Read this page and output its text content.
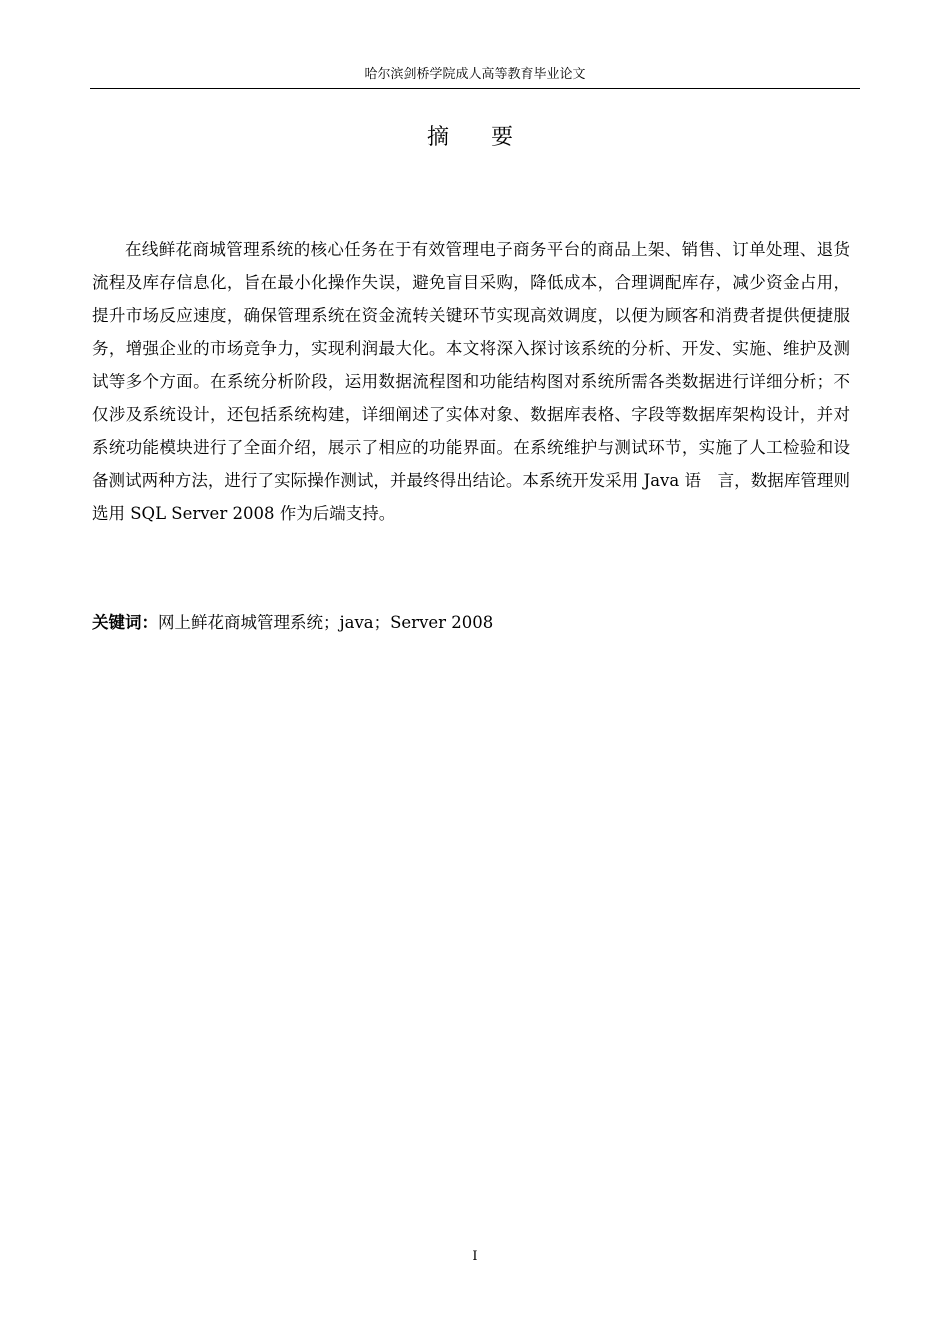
哈尔滨剑桥学院成人高等教育毕业论文
摘　要

在线鲜花商城管理系统的核心任务在于有效管理电子商务平台的商品上架、销售、订单处理、退货流程及库存信息化，旨在最小化操作失误，避免盲目采购，降低成本，合理调配库存，减少资金占用，提升市场反应速度，确保管理系统在资金流转关键环节实现高效调度，以便为顾客和消费者提供便捷服务，增强企业的市场竞争力，实现利润最大化。本文将深入探讨该系统的分析、开发、实施、维护及测试等多个方面。在系统分析阶段，运用数据流程图和功能结构图对系统所需各类数据进行详细分析；不仅涉及系统设计，还包括系统构建，详细阐述了实体对象、数据库表格、字段等数据库架构设计，并对系统功能模块进行了全面介绍，展示了相应的功能界面。在系统维护与测试环节，实施了人工检验和设备测试两种方法，进行了实际操作测试，并最终得出结论。本系统开发采用 Java 语　言，数据库管理则选用 SQL Server 2008 作为后端支持。

关键词：网上鲜花商城管理系统；java；Server 2008
I
